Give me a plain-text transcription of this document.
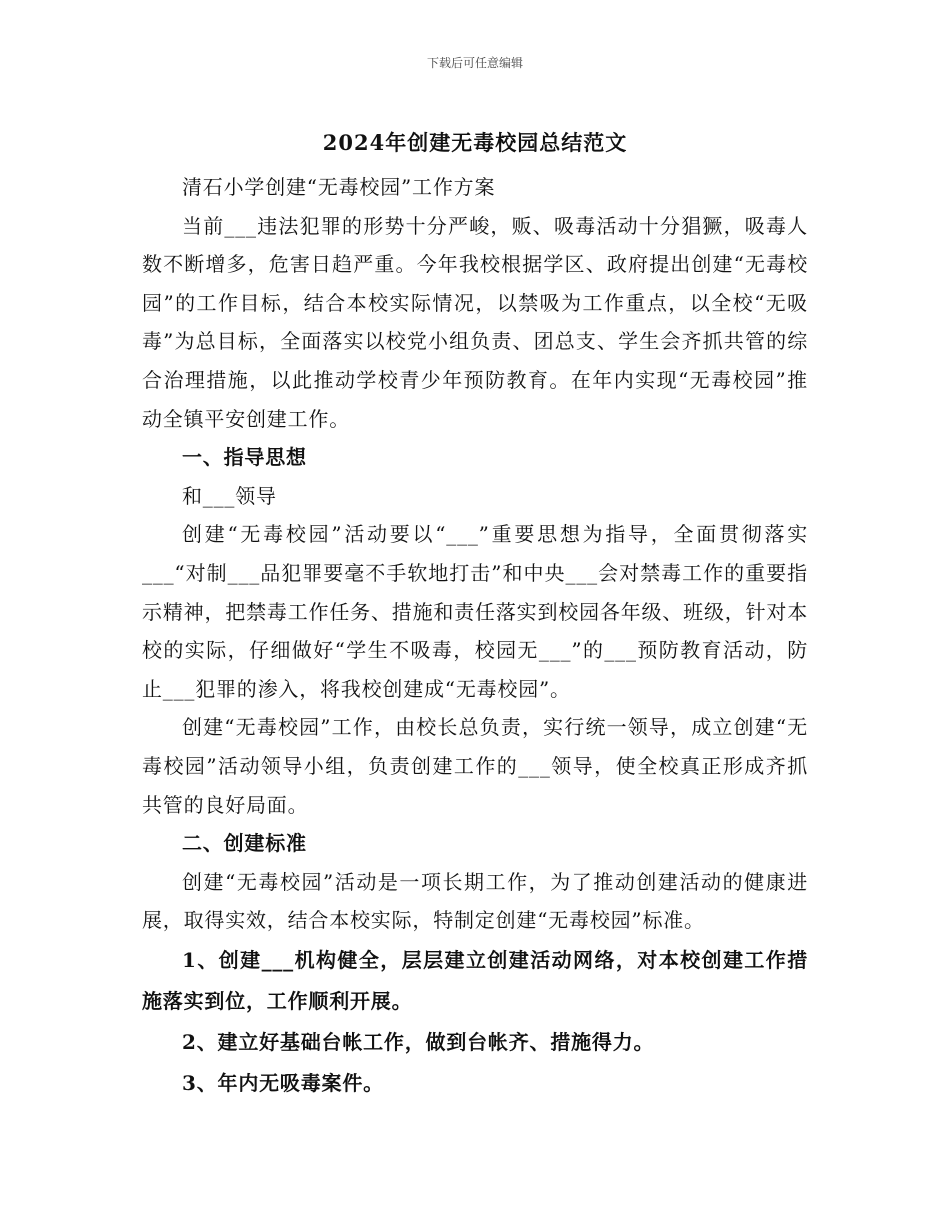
下载后可任意编辑
2024年创建无毒校园总结范文

清石小学创建“无毒校园”工作方案

当前___违法犯罪的形势十分严峻，贩、吸毒活动十分猖獗，吸毒人数不断增多，危害日趋严重。今年我校根据学区、政府提出创建“无毒校园”的工作目标，结合本校实际情况，以禁吸为工作重点，以全校“无吸毒”为总目标，全面落实以校党小组负责、团总支、学生会齐抓共管的综合治理措施，以此推动学校青少年预防教育。在年内实现“无毒校园”推动全镇平安创建工作。

一、指导思想

和___领导

创建“无毒校园”活动要以“___”重要思想为指导，全面贯彻落实___“对制___品犯罪要毫不手软地打击”和中央___会对禁毒工作的重要指示精神，把禁毒工作任务、措施和责任落实到校园各年级、班级，针对本校的实际，仔细做好“学生不吸毒，校园无___”的___预防教育活动，防止___犯罪的渗入，将我校创建成“无毒校园”。

创建“无毒校园”工作，由校长总负责，实行统一领导，成立创建“无毒校园”活动领导小组，负责创建工作的___领导，使全校真正形成齐抓共管的良好局面。

二、创建标准

创建“无毒校园”活动是一项长期工作，为了推动创建活动的健康进展，取得实效，结合本校实际，特制定创建“无毒校园”标准。

1、创建___机构健全，层层建立创建活动网络，对本校创建工作措施落实到位，工作顺利开展。

2、建立好基础台帐工作，做到台帐齐、措施得力。

3、年内无吸毒案件。
